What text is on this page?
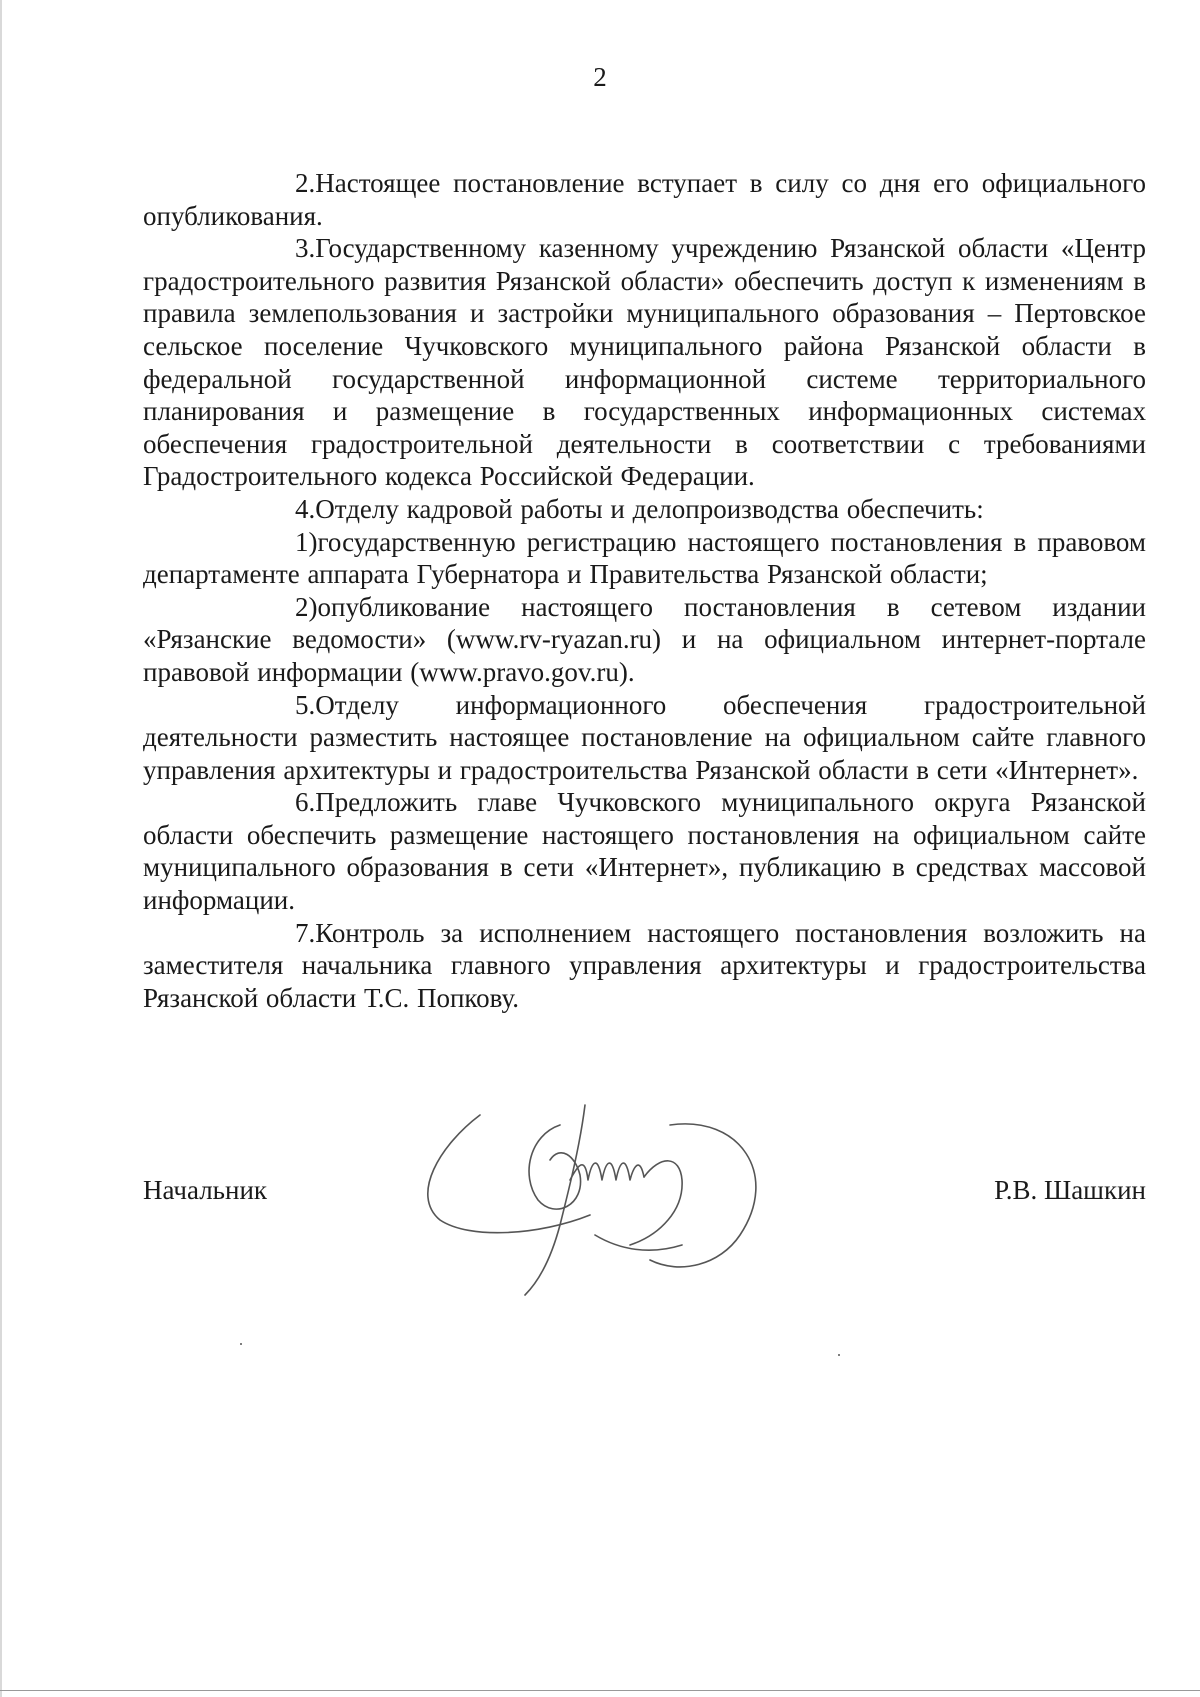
2

2.Настоящее постановление вступает в силу со дня его официального опубликования.

3.Государственному казенному учреждению Рязанской области «Центр градостроительного развития Рязанской области» обеспечить доступ к изменениям в правила землепользования и застройки муниципального образования – Пертовское сельское поселение Чучковского муниципального района Рязанской области в федеральной государственной информационной системе территориального планирования и размещение в государственных информационных системах обеспечения градостроительной деятельности в соответствии с требованиями Градостроительного кодекса Российской Федерации.

4.Отделу кадровой работы и делопроизводства обеспечить:

1)государственную регистрацию настоящего постановления в правовом департаменте аппарата Губернатора и Правительства Рязанской области;

2)опубликование настоящего постановления в сетевом издании «Рязанские ведомости» (www.rv-ryazan.ru) и на официальном интернет-портале правовой информации (www.pravo.gov.ru).

5.Отделу информационного обеспечения градостроительной деятельности разместить настоящее постановление на официальном сайте главного управления архитектуры и градостроительства Рязанской области в сети «Интернет».

6.Предложить главе Чучковского муниципального округа Рязанской области обеспечить размещение настоящего постановления на официальном сайте муниципального образования в сети «Интернет», публикацию в средствах массовой информации.

7.Контроль за исполнением настоящего постановления возложить на заместителя начальника главного управления архитектуры и градостроительства Рязанской области Т.С. Попкову.

Начальник	Р.В. Шашкин
